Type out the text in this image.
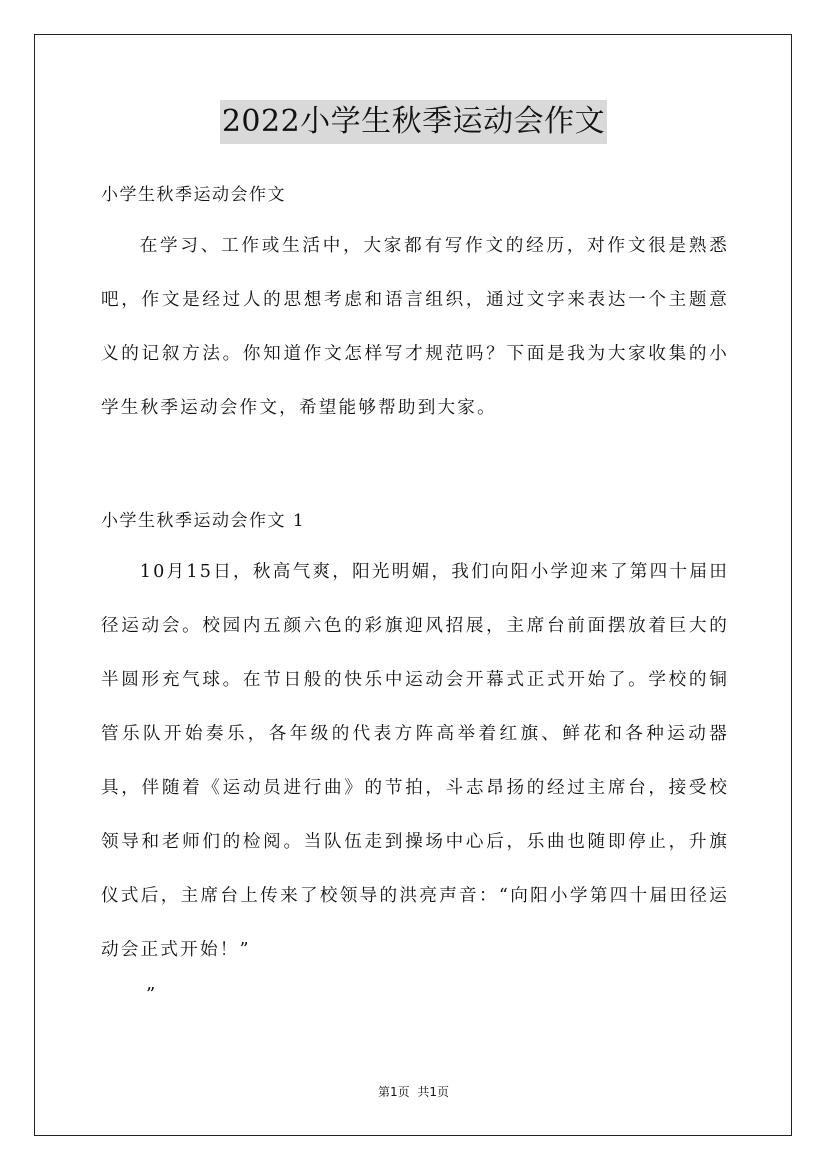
2022小学生秋季运动会作文
小学生秋季运动会作文

在学习、工作或生活中，大家都有写作文的经历，对作文很是熟悉吧，作文是经过人的思想考虑和语言组织，通过文字来表达一个主题意义的记叙方法。你知道作文怎样写才规范吗？下面是我为大家收集的小学生秋季运动会作文，希望能够帮助到大家。

小学生秋季运动会作文 1

10月15日，秋高气爽，阳光明媚，我们向阳小学迎来了第四十届田径运动会。校园内五颜六色的彩旗迎风招展，主席台前面摆放着巨大的半圆形充气球。在节日般的快乐中运动会开幕式正式开始了。学校的铜管乐队开始奏乐，各年级的代表方阵高举着红旗、鲜花和各种运动器具，伴随着《运动员进行曲》的节拍，斗志昂扬的经过主席台，接受校领导和老师们的检阅。当队伍走到操场中心后，乐曲也随即停止，升旗仪式后，主席台上传来了校领导的洪亮声音：“向阳小学第四十届田径运动会正式开始！”

”
第1页 共1页
